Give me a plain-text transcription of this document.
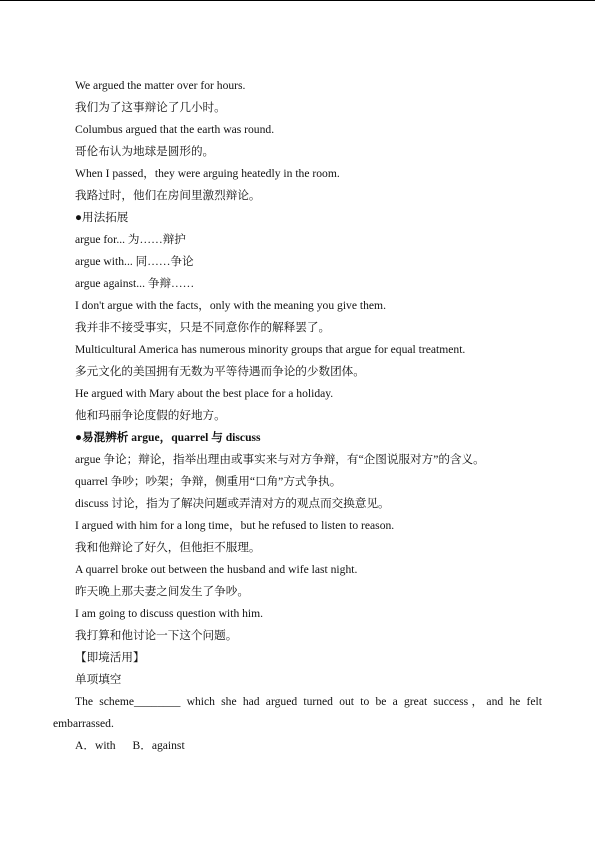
We argued the matter over for hours.
我们为了这事辩论了几小时。
Columbus argued that the earth was round.
哥伦布认为地球是圆形的。
When I passed，they were arguing heatedly in the room.
我路过时，他们在房间里激烈辩论。
●用法拓展
argue for... 为……辩护
argue with... 同……争论
argue against... 争辩……
I don't argue with the facts，only with the meaning you give them.
我并非不接受事实，只是不同意你作的解释罢了。
Multicultural America has numerous minority groups that argue for equal treatment.
多元文化的美国拥有无数为平等待遇而争论的少数团体。
He argued with Mary about the best place for a holiday.
他和玛丽争论度假的好地方。
●易混辨析 argue，quarrel 与 discuss
argue 争论；辩论，指举出理由或事实来与对方争辩，有“企图说服对方”的含义。
quarrel 争吵；吵架；争辩，侧重用“口角”方式争执。
discuss 讨论，指为了解决问题或弄清对方的观点而交换意见。
I argued with him for a long time，but he refused to listen to reason.
我和他辩论了好久，但他拒不服理。
A quarrel broke out between the husband and wife last night.
昨天晚上那夫妻之间发生了争吵。
I am going to discuss question with him.
我打算和他讨论一下这个问题。
【即境活用】
单项填空
The scheme________ which she had argued turned out to be a great success，and he felt
embarrassed.
A．with B．against
